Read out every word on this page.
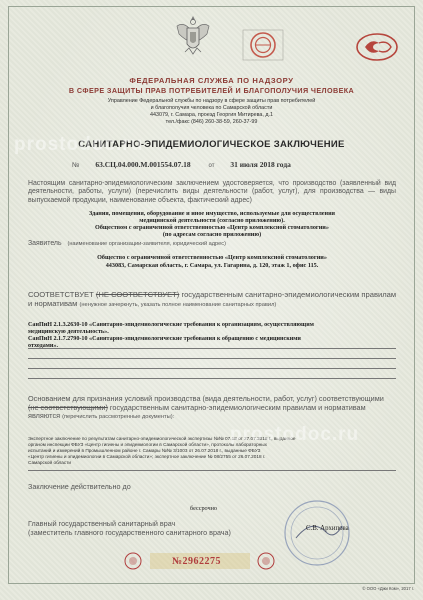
ФЕДЕРАЛЬНАЯ СЛУЖБА ПО НАДЗОРУ
В СФЕРЕ ЗАЩИТЫ ПРАВ ПОТРЕБИТЕЛЕЙ И БЛАГОПОЛУЧИЯ ЧЕЛОВЕКА
Управление Федеральной службы по надзору в сфере защиты прав потребителей
и благополучия человека по Самарской области
443079, г. Самара, проезд Георгия Митирева, д.1
тел./факс (846) 260-38-59, 260-37-99
САНИТАРНО-ЭПИДЕМИОЛОГИЧЕСКОЕ ЗАКЛЮЧЕНИЕ
№ 63.СЦ.04.000.М.001554.07.18	от 31 июля 2018 года
Настоящим санитарно-эпидемиологическим заключением удостоверяется, что производство (заявленный вид деятельности, работы, услуги) (перечислить виды деятельности (работ, услуг), для производства — виды выпускаемой продукции, наименование объекта, фактический адрес)
Здания, помещения, оборудование и иное имущество, используемые для осуществления
медицинской деятельности (согласно приложению).
Обществом с ограниченной ответственностью «Центр комплексной стоматологии»
(по адресам согласно приложению)
Заявитель (наименование организации-заявителя, юридический адрес)
Общество с ограниченной ответственностью «Центр комплексной стоматологии»
443083, Самарская область, г. Самара, ул. Гагарина, д. 120, этаж 1, офис 115.
СООТВЕТСТВУЕТ (НЕ СООТВЕТСТВУЕТ) государственным санитарно-эпидемиологическим правилам и нормативам (ненужное зачеркнуть, указать полное наименование санитарных правил)
СанПиН 2.1.3.2630-10 «Санитарно-эпидемиологические требования к организациям, осуществляющим
медицинскую деятельность».
СанПиН 2.1.7.2790-10 «Санитарно-эпидемиологические требования к обращению с медицинскими
отходами».
Основанием для признания условий производства (вида деятельности, работ, услуг) соответствующими (не соответствующими) государственным санитарно-эпидемиологическим правилам и нормативам являются (перечислить рассмотренные документы):
Экспертное заключение по результатам санитарно-эпидемиологической экспертизы №№ 07.18 от 27.07.2018 г., выданное
органом инспекции ФБУЗ «Центр гигиены и эпидемиологии в Самарской области», протоколы лабораторных
испытаний и измерений в Промышленном районе г. Самары №№ 3/1003 от 26.07.2018 г., выданные ФБУЗ
«Центр гигиены и эпидемиологии в Самарской области»; экспертное заключение № 08/2755 от 26.07.2018 г.
Самарской области
Заключение действительно до
бессрочно
Главный государственный санитарный врач
(заместитель главного государственного санитарного врача)	С.В. Архипова
№2962275
© ООО «Джи Ком», 2017 г.
prostodoc.ru
prostodoc.ru
